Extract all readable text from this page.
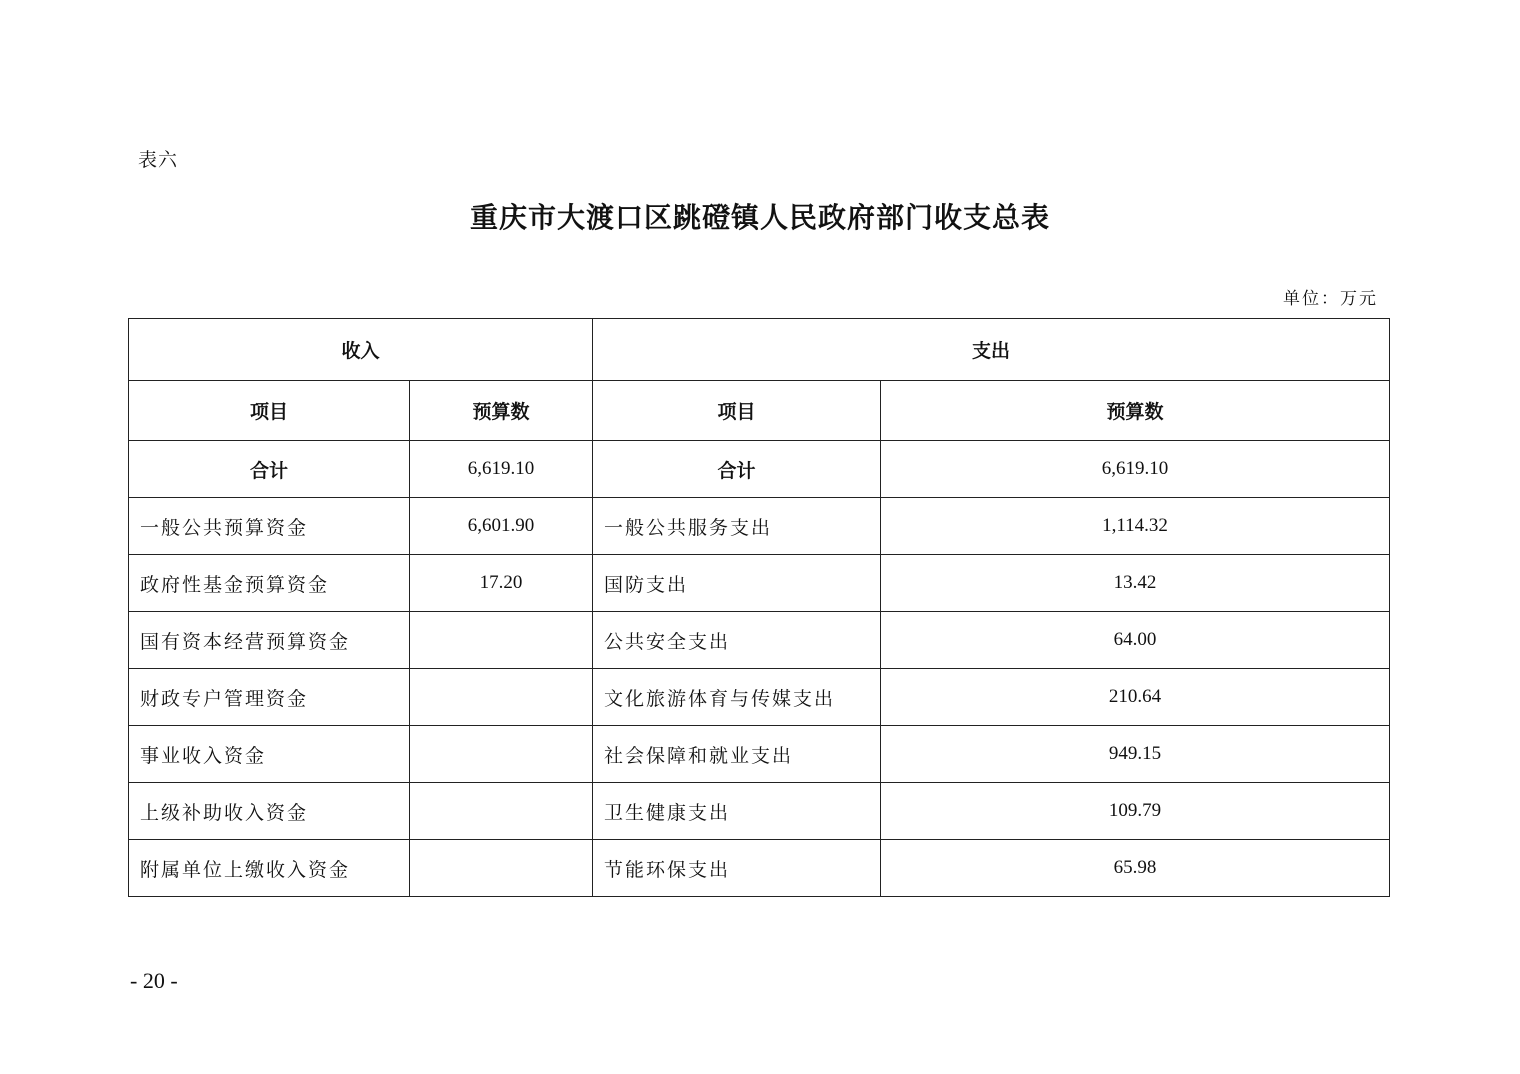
表六
重庆市大渡口区跳磴镇人民政府部门收支总表
单位：万元
收入		支出	
项目	预算数	项目	预算数
合计	6,619.10	合计	6,619.10
一般公共预算资金	6,601.90	一般公共服务支出	1,114.32
政府性基金预算资金	17.20	国防支出	13.42
国有资本经营预算资金		公共安全支出	64.00
财政专户管理资金		文化旅游体育与传媒支出	210.64
事业收入资金		社会保障和就业支出	949.15
上级补助收入资金		卫生健康支出	109.79
附属单位上缴收入资金		节能环保支出	65.98
- 20 -
